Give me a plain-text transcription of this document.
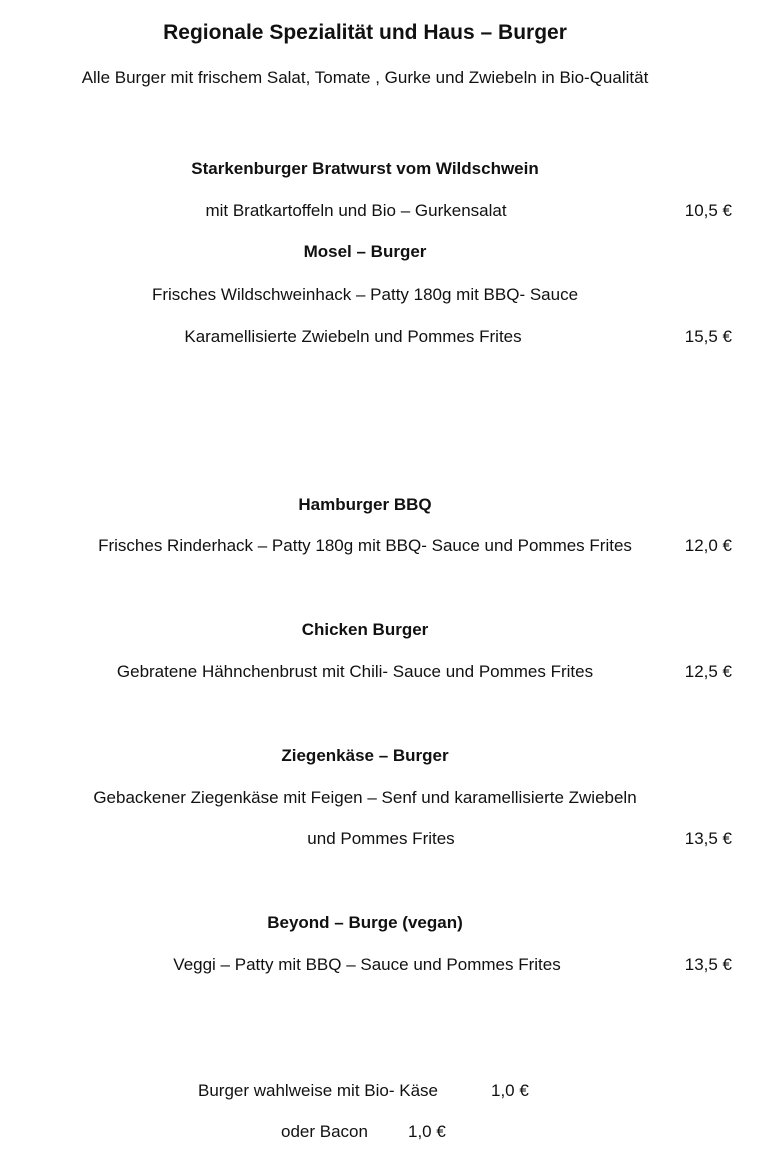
Regionale Spezialität und Haus – Burger
Alle Burger mit frischem Salat, Tomate , Gurke und Zwiebeln in Bio-Qualität
Starkenburger Bratwurst vom Wildschwein
mit Bratkartoffeln und Bio – Gurkensalat	10,5 €
Mosel – Burger
Frisches Wildschweinhack – Patty 180g mit BBQ- Sauce
Karamellisierte Zwiebeln und Pommes Frites	15,5 €
Hamburger BBQ
Frisches Rinderhack – Patty 180g mit BBQ- Sauce und Pommes Frites	12,0 €
Chicken Burger
Gebratene Hähnchenbrust mit Chili- Sauce und Pommes Frites	12,5 €
Ziegenkäse – Burger
Gebackener Ziegenkäse mit Feigen – Senf und karamellisierte Zwiebeln
und Pommes Frites	13,5 €
Beyond – Burge (vegan)
Veggi – Patty mit BBQ – Sauce und Pommes Frites	13,5 €
Burger wahlweise mit Bio- Käse	1,0 €
oder Bacon 1,0 €
